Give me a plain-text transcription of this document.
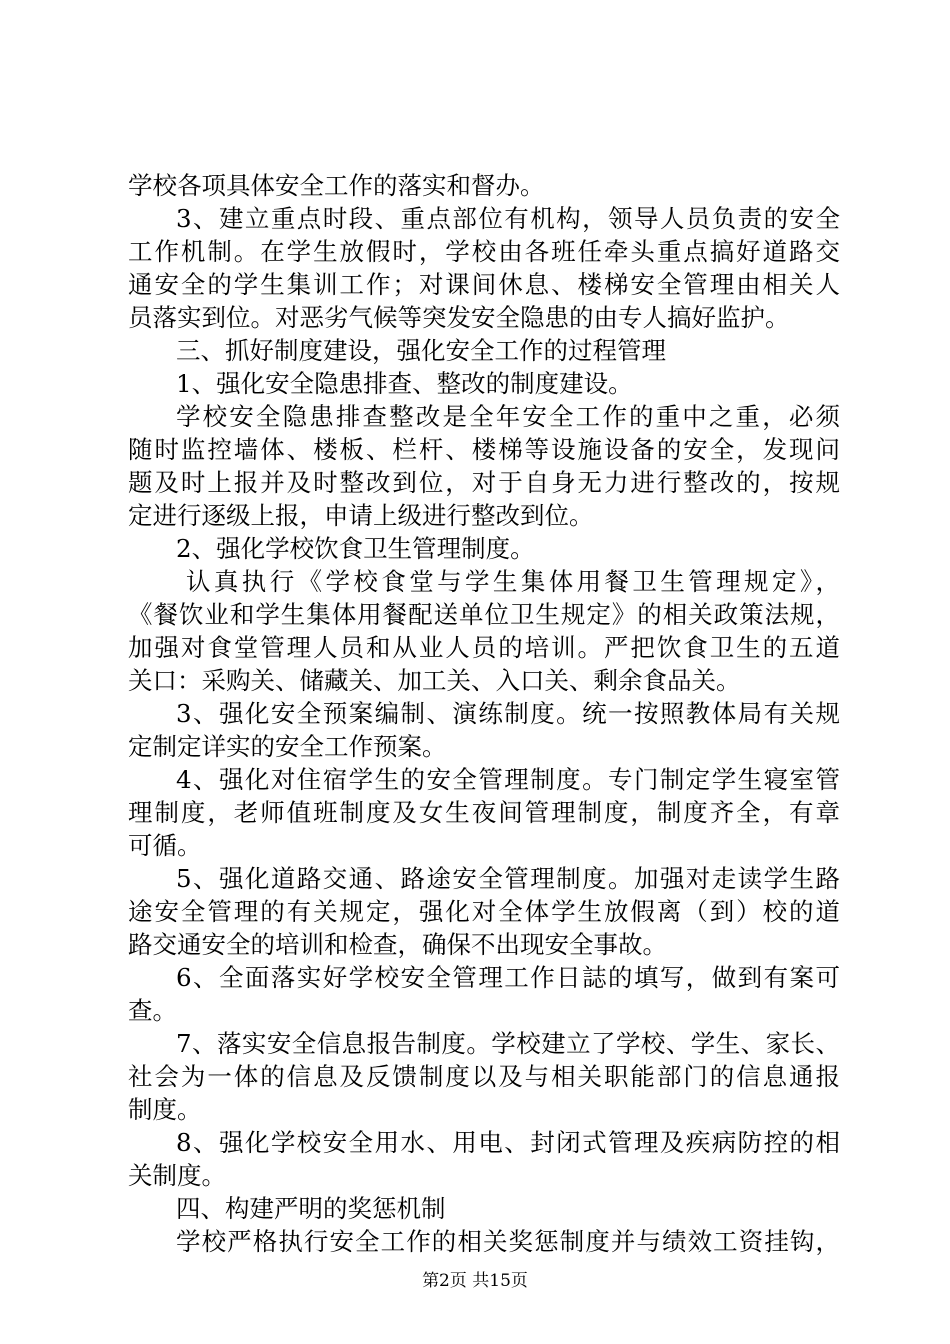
学校各项具体安全工作的落实和督办。
3、建立重点时段、重点部位有机构，领导人员负责的安全
工作机制。在学生放假时，学校由各班任牵头重点搞好道路交
通安全的学生集训工作；对课间休息、楼梯安全管理由相关人
员落实到位。对恶劣气候等突发安全隐患的由专人搞好监护。
三、抓好制度建设，强化安全工作的过程管理
1、强化安全隐患排查、整改的制度建设。
学校安全隐患排查整改是全年安全工作的重中之重，必须
随时监控墙体、楼板、栏杆、楼梯等设施设备的安全，发现问
题及时上报并及时整改到位，对于自身无力进行整改的，按规
定进行逐级上报，申请上级进行整改到位。
2、强化学校饮食卫生管理制度。
认真执行《学校食堂与学生集体用餐卫生管理规定》，
《餐饮业和学生集体用餐配送单位卫生规定》的相关政策法规，
加强对食堂管理人员和从业人员的培训。严把饮食卫生的五道
关口：采购关、储藏关、加工关、入口关、剩余食品关。
3、强化安全预案编制、演练制度。统一按照教体局有关规
定制定详实的安全工作预案。
4、强化对住宿学生的安全管理制度。专门制定学生寝室管
理制度，老师值班制度及女生夜间管理制度，制度齐全，有章
可循。
5、强化道路交通、路途安全管理制度。加强对走读学生路
途安全管理的有关规定，强化对全体学生放假离（到）校的道
路交通安全的培训和检查，确保不出现安全事故。
6、全面落实好学校安全管理工作日誌的填写，做到有案可
查。
7、落实安全信息报告制度。学校建立了学校、学生、家长、
社会为一体的信息及反馈制度以及与相关职能部门的信息通报
制度。
8、强化学校安全用水、用电、封闭式管理及疾病防控的相
关制度。
四、构建严明的奖惩机制
学校严格执行安全工作的相关奖惩制度并与绩效工资挂钩，
第2页 共15页
